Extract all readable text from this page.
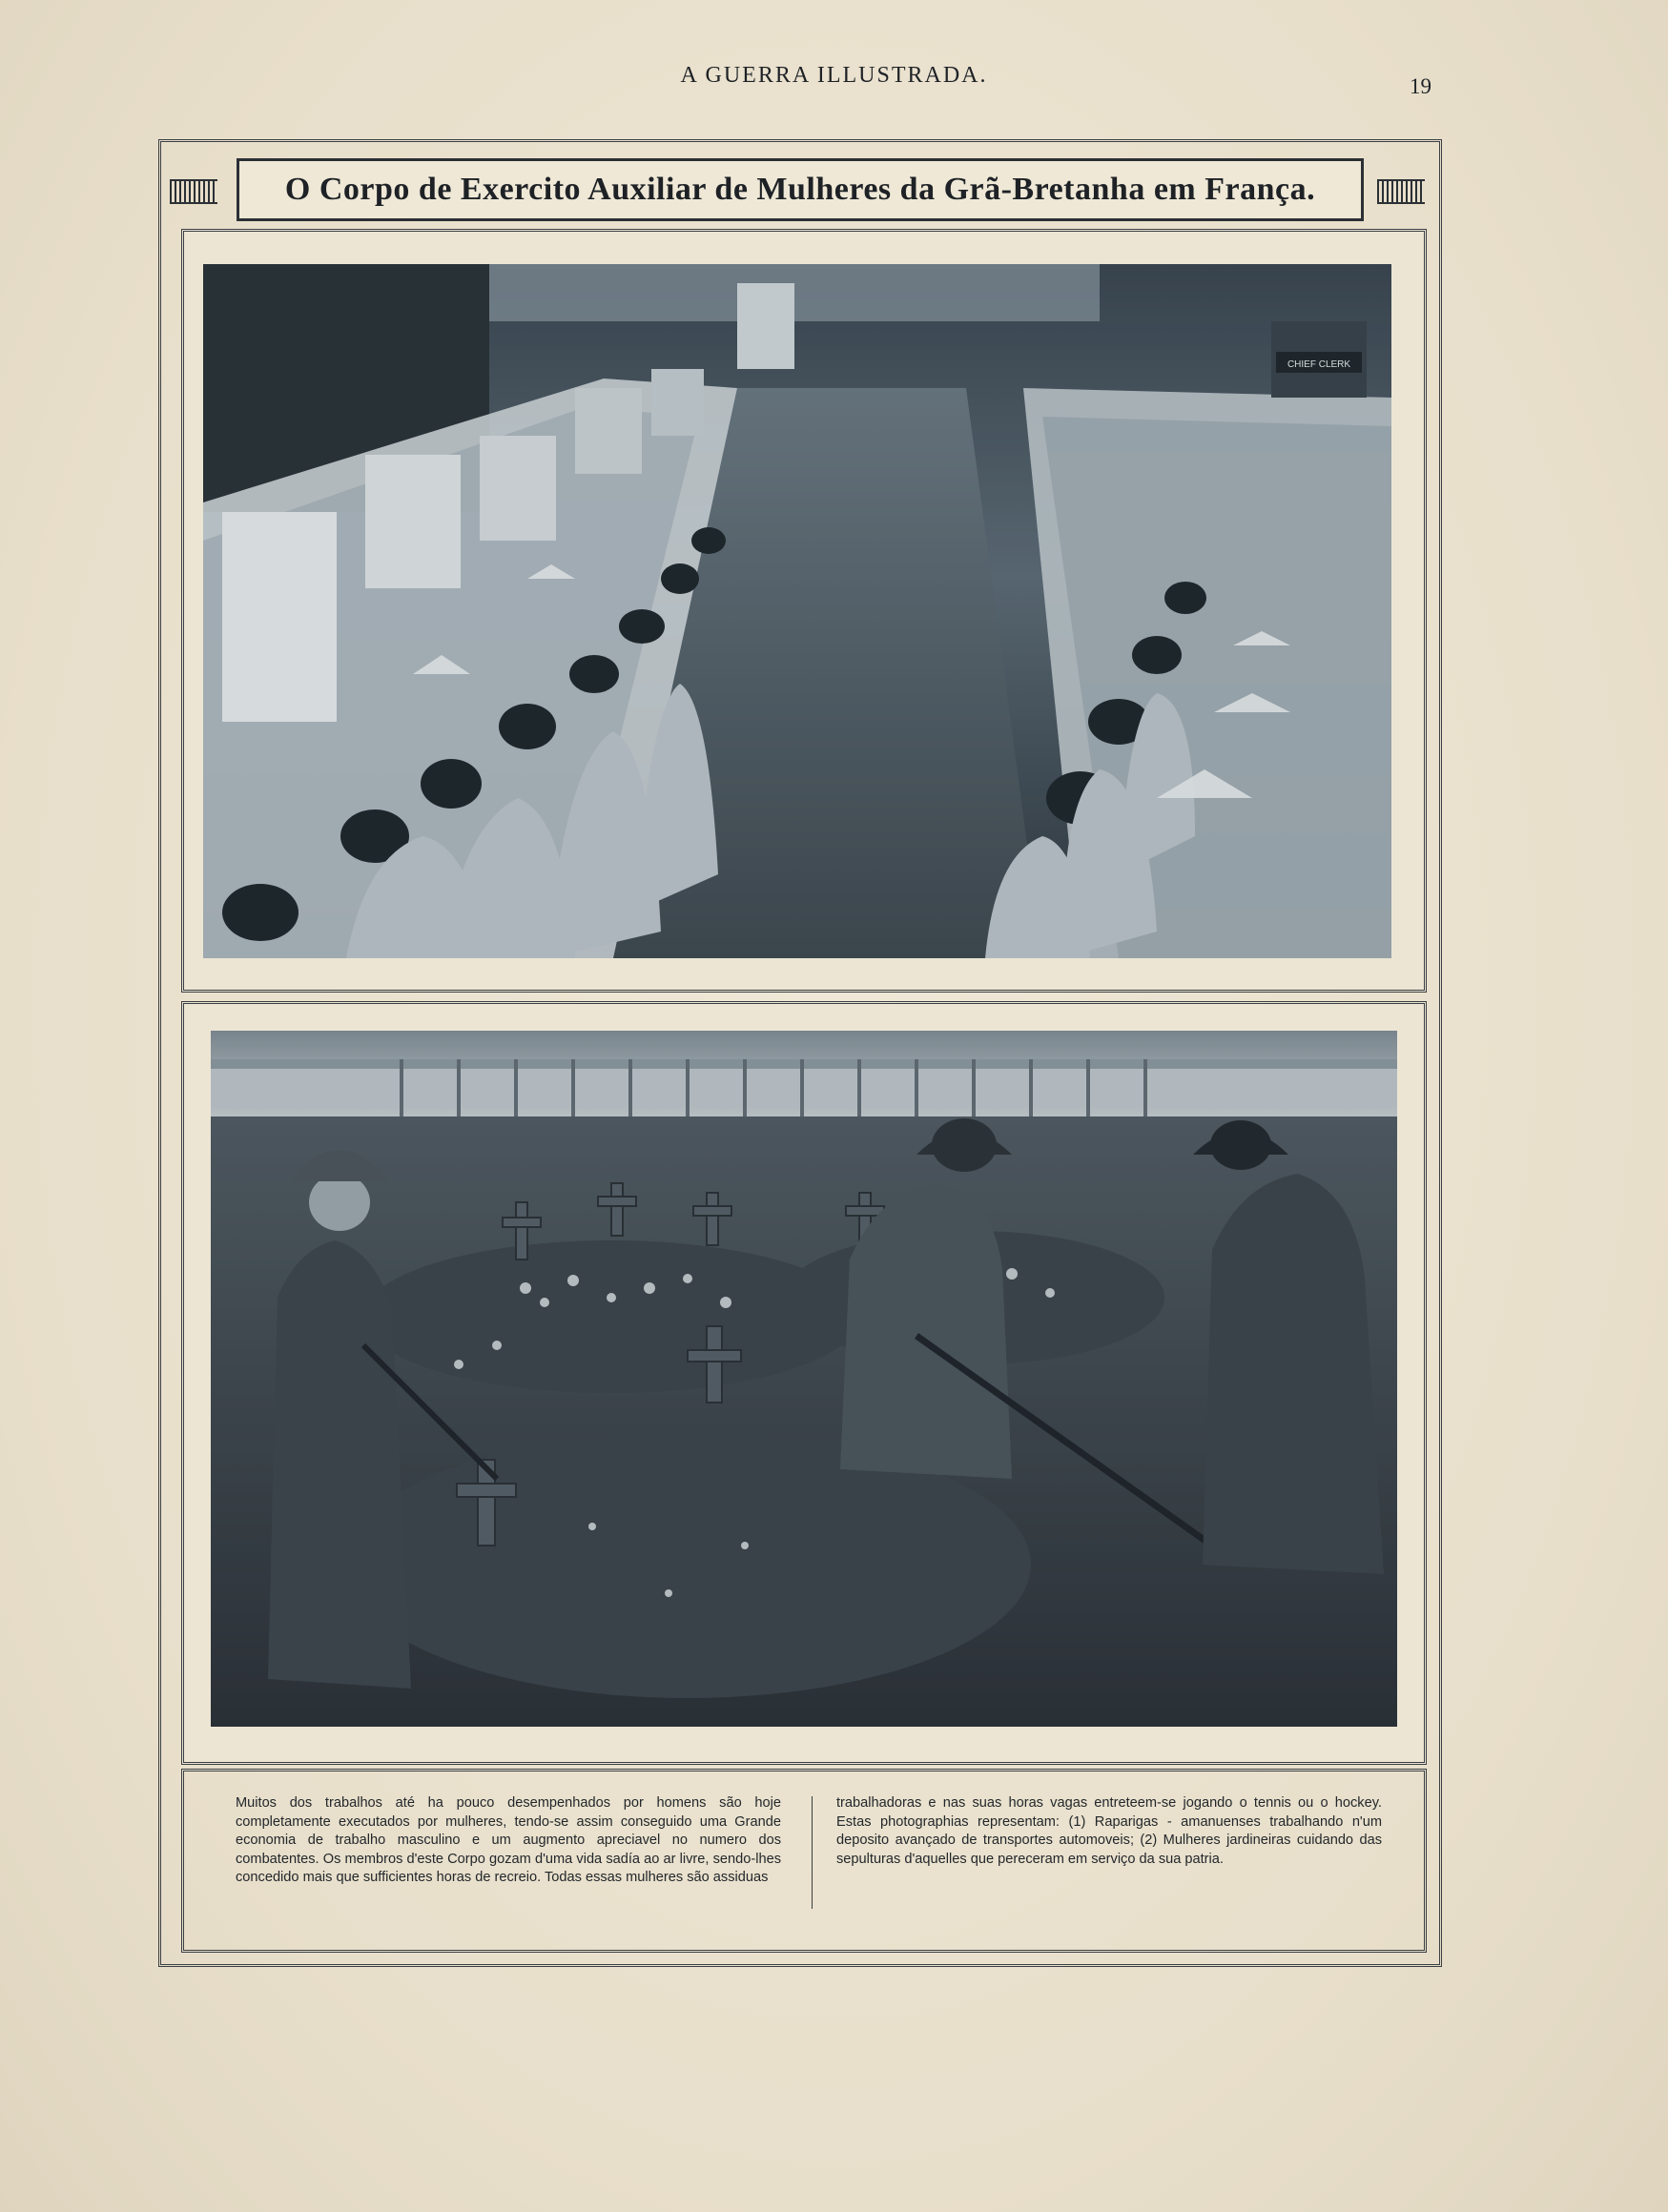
A GUERRA ILLUSTRADA.	19
O Corpo de Exercito Auxiliar de Mulheres da Grã-Bretanha em França.
CHIEF CLERK
Muitos dos trabalhos até ha pouco desempenhados por homens são hoje completamente executados por mulheres, tendo-se assim conseguido uma Grande economia de trabalho masculino e um augmento apreciavel no numero dos combatentes. Os membros d'este Corpo gozam d'uma vida sadía ao ar livre, sendo-lhes concedido mais que sufficientes horas de recreio. Todas essas mulheres são assiduas
trabalhadoras e nas suas horas vagas entreteem-se jogando o tennis ou o hockey. Estas photographias representam: (1) Raparigas - amanuenses trabalhando n'um deposito avançado de transportes automoveis; (2) Mulheres jardineiras cuidando das sepulturas d'aquelles que pereceram em serviço da sua patria.
